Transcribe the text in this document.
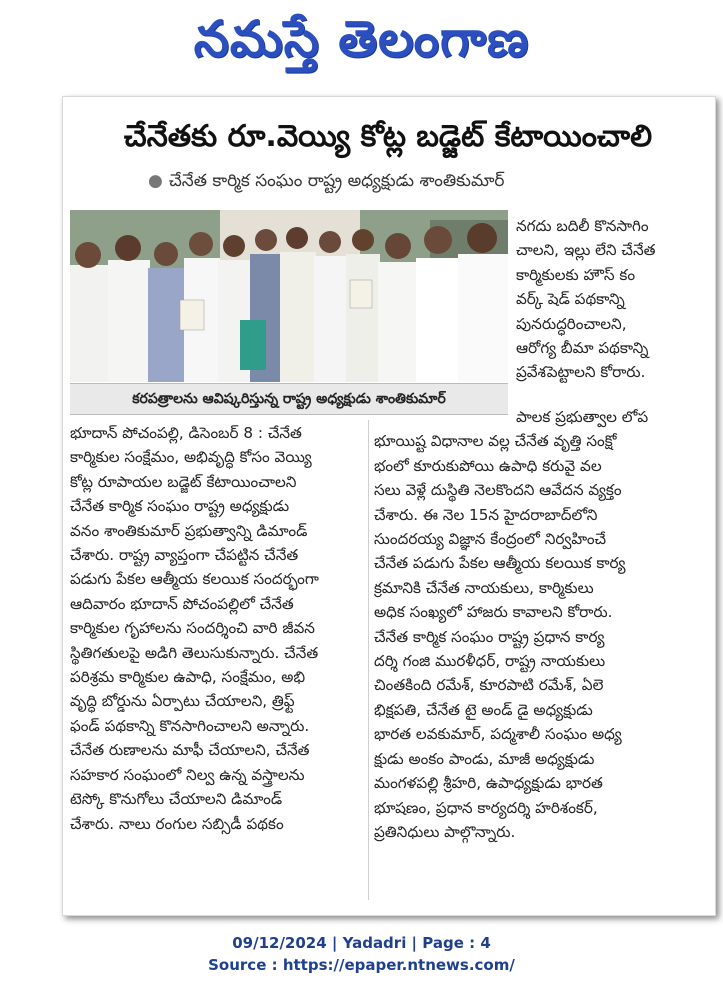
నమస్తే తెలంగాణ
చేనేతకు రూ.వెయ్యి కోట్ల బడ్జెట్ కేటాయించాలి
● చేనేత కార్మిక సంఘం రాష్ట్ర అధ్యక్షుడు శాంతికుమార్
కరపత్రాలను ఆవిష్కరిస్తున్న రాష్ట్ర అధ్యక్షుడు శాంతికుమార్

నగదు బదిలీ కొనసాగిం

చాలని, ఇల్లు లేని చేనేత

కార్మికులకు హౌస్ కం

వర్క్ షెడ్ పథకాన్ని

పునరుద్ధరించాలని,

ఆరోగ్య బీమా పథకాన్ని

ప్రవేశపెట్టాలని కోరారు.

భూదాన్ పోచంపల్లి, డిసెంబర్ 8 : చేనేత

కార్మికుల సంక్షేమం, అభివృద్ధి కోసం వెయ్యి

కోట్ల రూపాయల బడ్జెట్ కేటాయించాలని

చేనేత కార్మిక సంఘం రాష్ట్ర అధ్యక్షుడు

వనం శాంతికుమార్ ప్రభుత్వాన్ని డిమాండ్

చేశారు. రాష్ట్ర వ్యాప్తంగా చేపట్టిన చేనేత

పడుగు పేకల ఆత్మీయ కలయిక సందర్భంగా

ఆదివారం భూదాన్ పోచంపల్లిలో చేనేత

కార్మికుల గృహాలను సందర్శించి వారి జీవన

స్థితిగతులపై అడిగి తెలుసుకున్నారు. చేనేత

పరిశ్రమ కార్మికుల ఉపాధి, సంక్షేమం, అభి

వృద్ధి బోర్డును ఏర్పాటు చేయాలని, త్రిఫ్ట్

ఫండ్ పథకాన్ని కొనసాగించాలని అన్నారు.

చేనేత రుణాలను మాఫీ చేయాలని, చేనేత

సహకార సంఘంలో నిల్వ ఉన్న వస్త్రాలను

టెస్కో కొనుగోలు చేయాలని డిమాండ్

చేశారు. నాలు రంగుల సబ్సిడీ పథకం

పాలక ప్రభుత్వాల లోప

భూయిష్ట విధానాల వల్ల చేనేత వృత్తి సంక్షో

భంలో కూరుకుపోయి ఉపాధి కరువై వల

సలు వెళ్లే దుస్థితి నెలకొందని ఆవేదన వ్యక్తం

చేశారు. ఈ నెల 15న హైదరాబాద్‌లోని

సుందరయ్య విజ్ఞాన కేంద్రంలో నిర్వహించే

చేనేత పడుగు పేకల ఆత్మీయ కలయిక కార్య

క్రమానికి చేనేత నాయకులు, కార్మికులు

అధిక సంఖ్యలో హాజరు కావాలని కోరారు.

చేనేత కార్మిక సంఘం రాష్ట్ర ప్రధాన కార్య

దర్శి గంజి మురళీధర్, రాష్ట్ర నాయకులు

చింతకింది రమేశ్, కూరపాటి రమేశ్, ఏలె

భిక్షపతి, చేనేత టై అండ్ డై అధ్యక్షుడు

భారత లవకుమార్, పద్మశాలీ సంఘం అధ్య

క్షుడు అంకం పాండు, మాజీ అధ్యక్షుడు

మంగళపల్లి శ్రీహరి, ఉపాధ్యక్షుడు భారత

భూషణం, ప్రధాన కార్యదర్శి హరిశంకర్,

ప్రతినిధులు పాల్గొన్నారు.

09/12/2024 | Yadadri | Page : 4
Source : https://epaper.ntnews.com/
